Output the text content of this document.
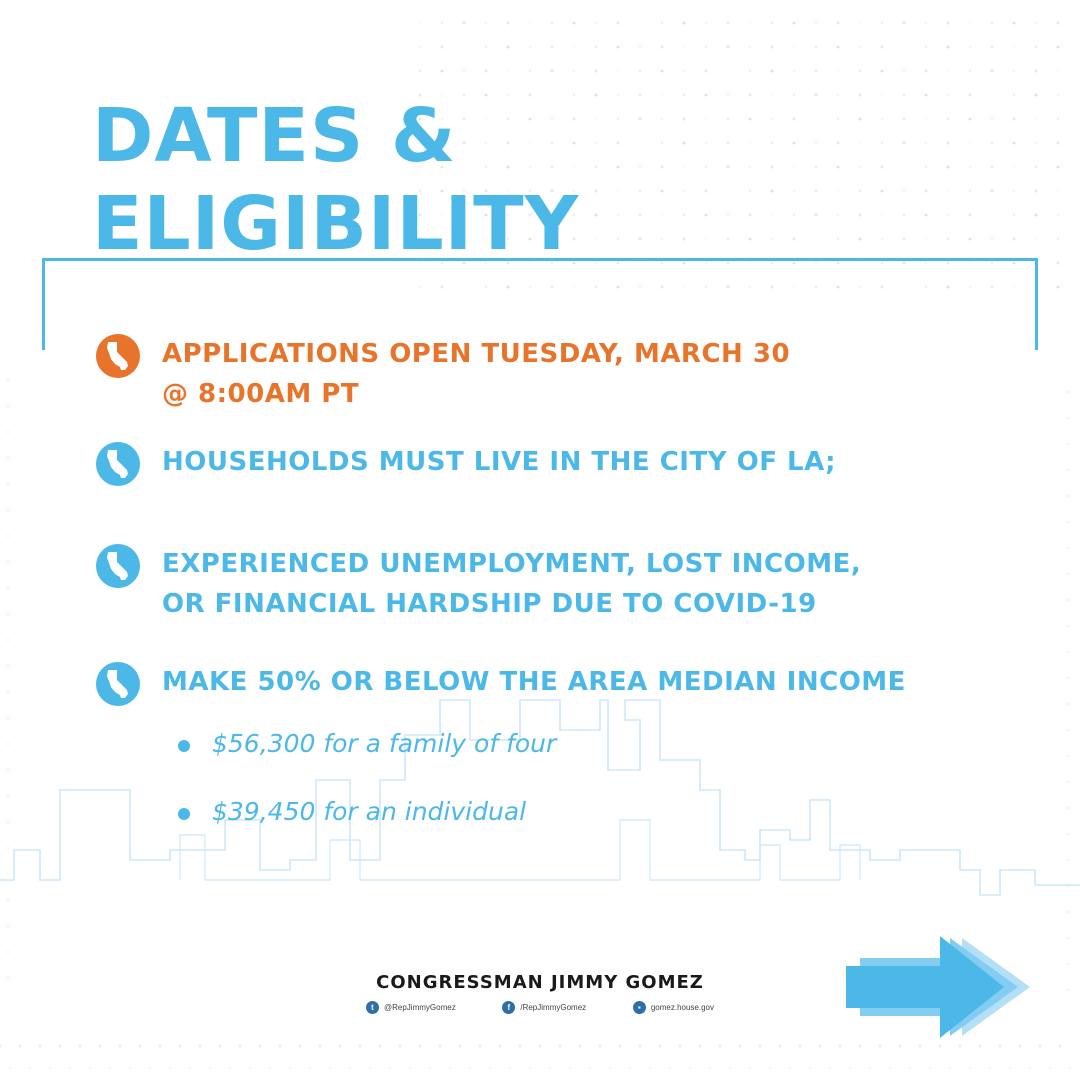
DATES &
ELIGIBILITY

APPLICATIONS OPEN TUESDAY, MARCH 30
@ 8:00AM PT

HOUSEHOLDS MUST LIVE IN THE CITY OF LA;

EXPERIENCED UNEMPLOYMENT, LOST INCOME,
OR FINANCIAL HARDSHIP DUE TO COVID-19

MAKE 50% OR BELOW THE AREA MEDIAN INCOME

$56,300 for a family of four
$39,450 for an individual

CONGRESSMAN JIMMY GOMEZ

t	@RepJimmyGomez	f	/RepJimmyGomez	▪	gomez.house.gov
